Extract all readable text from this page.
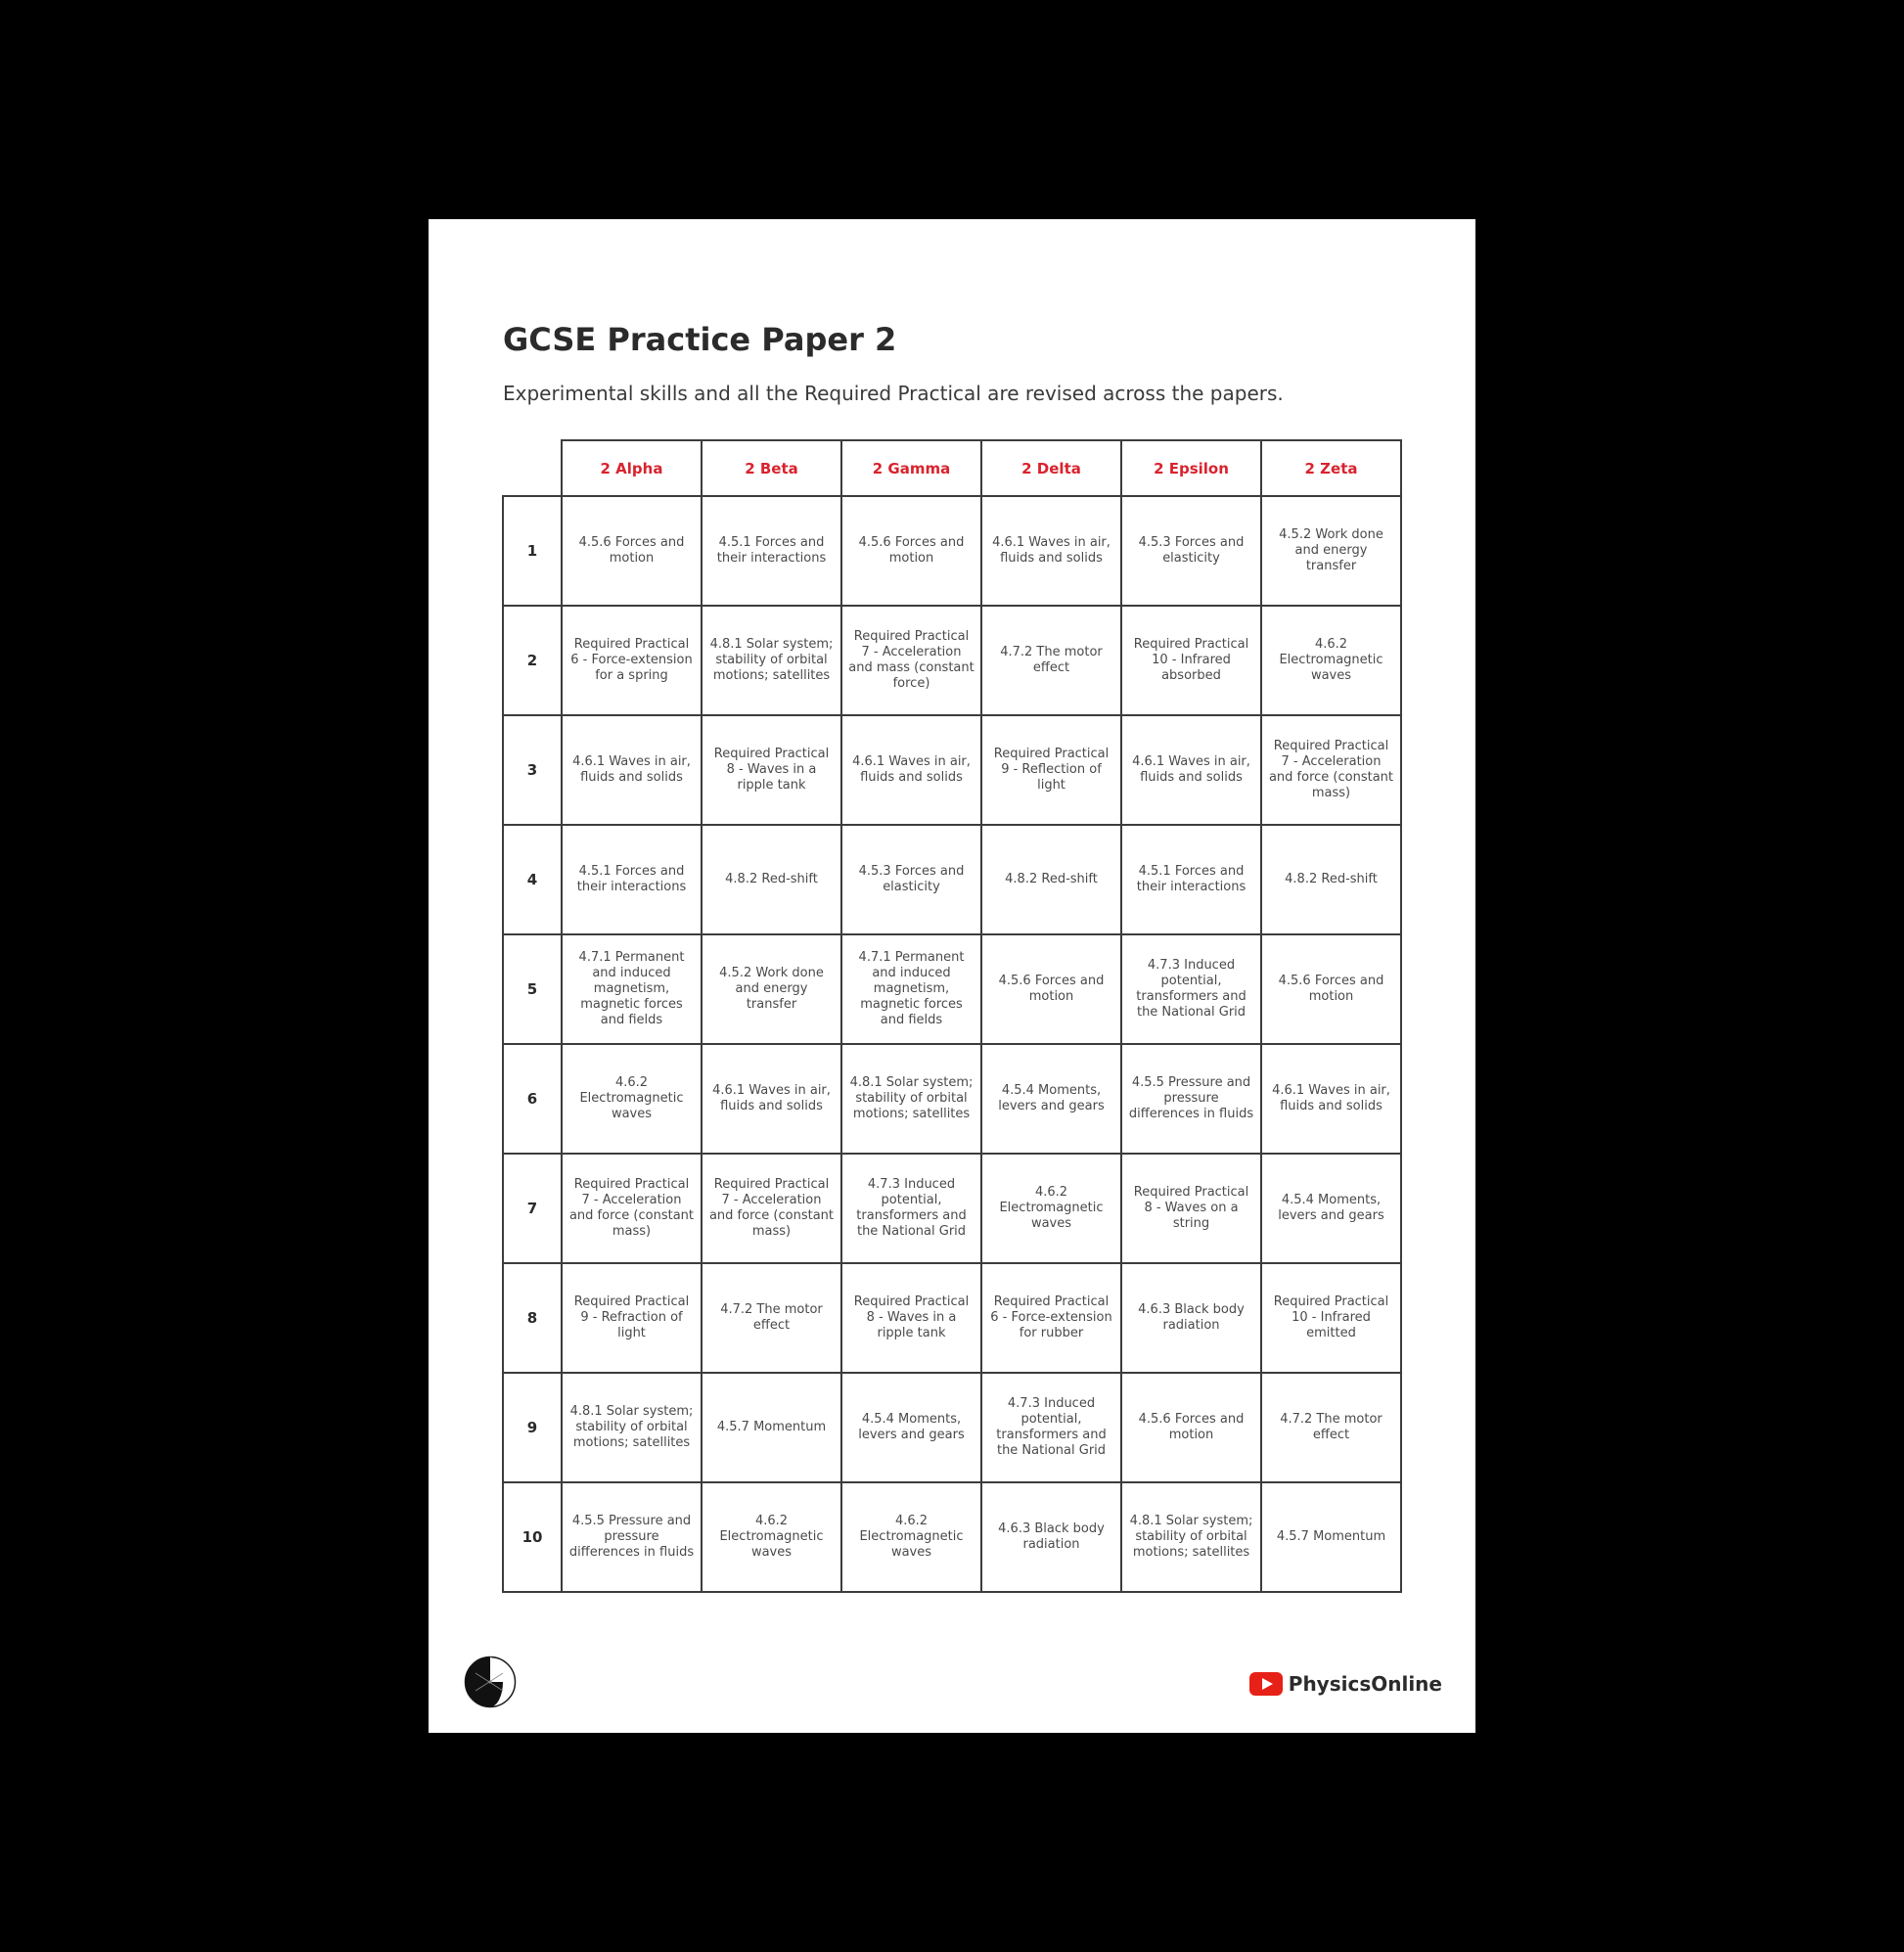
GCSE Practice Paper 2

Experimental skills and all the Required Practical are revised across the papers.

	2 Alpha	2 Beta	2 Gamma	2 Delta	2 Epsilon	2 Zeta
1	4.5.6 Forces and motion	4.5.1 Forces and their interactions	4.5.6 Forces and motion	4.6.1 Waves in air, fluids and solids	4.5.3 Forces and elasticity	4.5.2 Work done and energy transfer
2	Required Practical 6 - Force-extension for a spring	4.8.1 Solar system; stability of orbital motions; satellites	Required Practical 7 - Acceleration and mass (constant force)	4.7.2 The motor effect	Required Practical 10 - Infrared absorbed	4.6.2 Electromagnetic waves
3	4.6.1 Waves in air, fluids and solids	Required Practical 8 - Waves in a ripple tank	4.6.1 Waves in air, fluids and solids	Required Practical 9 - Reflection of light	4.6.1 Waves in air, fluids and solids	Required Practical 7 - Acceleration and force (constant mass)
4	4.5.1 Forces and their interactions	4.8.2 Red-shift	4.5.3 Forces and elasticity	4.8.2 Red-shift	4.5.1 Forces and their interactions	4.8.2 Red-shift
5	4.7.1 Permanent and induced magnetism, magnetic forces and fields	4.5.2 Work done and energy transfer	4.7.1 Permanent and induced magnetism, magnetic forces and fields	4.5.6 Forces and motion	4.7.3 Induced potential, transformers and the National Grid	4.5.6 Forces and motion
6	4.6.2 Electromagnetic waves	4.6.1 Waves in air, fluids and solids	4.8.1 Solar system; stability of orbital motions; satellites	4.5.4 Moments, levers and gears	4.5.5 Pressure and pressure differences in fluids	4.6.1 Waves in air, fluids and solids
7	Required Practical 7 - Acceleration and force (constant mass)	Required Practical 7 - Acceleration and force (constant mass)	4.7.3 Induced potential, transformers and the National Grid	4.6.2 Electromagnetic waves	Required Practical 8 - Waves on a string	4.5.4 Moments, levers and gears
8	Required Practical 9 - Refraction of light	4.7.2 The motor effect	Required Practical 8 - Waves in a ripple tank	Required Practical 6 - Force-extension for rubber	4.6.3 Black body radiation	Required Practical 10 - Infrared emitted
9	4.8.1 Solar system; stability of orbital motions; satellites	4.5.7 Momentum	4.5.4 Moments, levers and gears	4.7.3 Induced potential, transformers and the National Grid	4.5.6 Forces and motion	4.7.2 The motor effect
10	4.5.5 Pressure and pressure differences in fluids	4.6.2 Electromagnetic waves	4.6.2 Electromagnetic waves	4.6.3 Black body radiation	4.8.1 Solar system; stability of orbital motions; satellites	4.5.7 Momentum
PhysicsOnline
